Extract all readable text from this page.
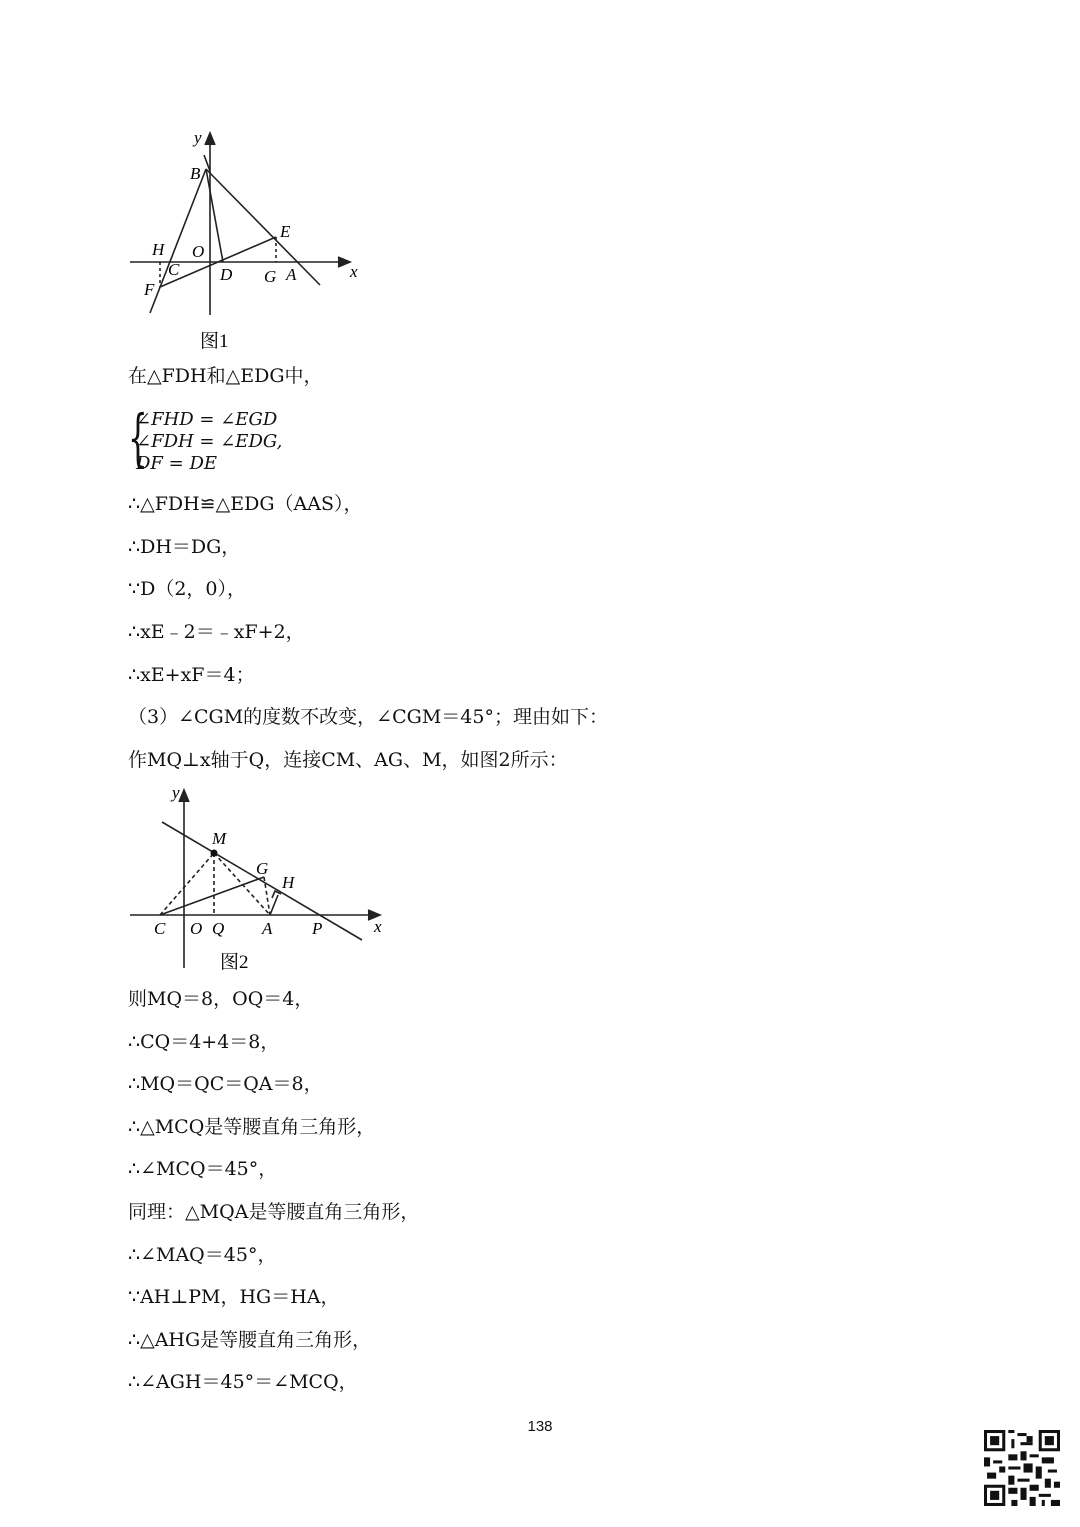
y
x
B
E
H O
C D G A
F
图1
在△FDH和△EDG中，
{
∠FHD = ∠EGD
∠FDH = ∠EDG,
DF = DE
∴△FDH≌△EDG（AAS），
∴DH＝DG，
∵D（2，0），
∴xE﹣2＝﹣xF+2，
∴xE+xF＝4；
（3）∠CGM的度数不改变，∠CGM＝45°；理由如下：
作MQ⊥x轴于Q，连接CM、AG、M，如图2所示：
y
x
M
G
H
C O Q A P
图2
则MQ＝8，OQ＝4，
∴CQ＝4+4＝8，
∴MQ＝QC＝QA＝8，
∴△MCQ是等腰直角三角形，
∴∠MCQ＝45°，
同理：△MQA是等腰直角三角形，
∴∠MAQ＝45°，
∵AH⊥PM，HG＝HA，
∴△AHG是等腰直角三角形，
∴∠AGH＝45°＝∠MCQ，
138
